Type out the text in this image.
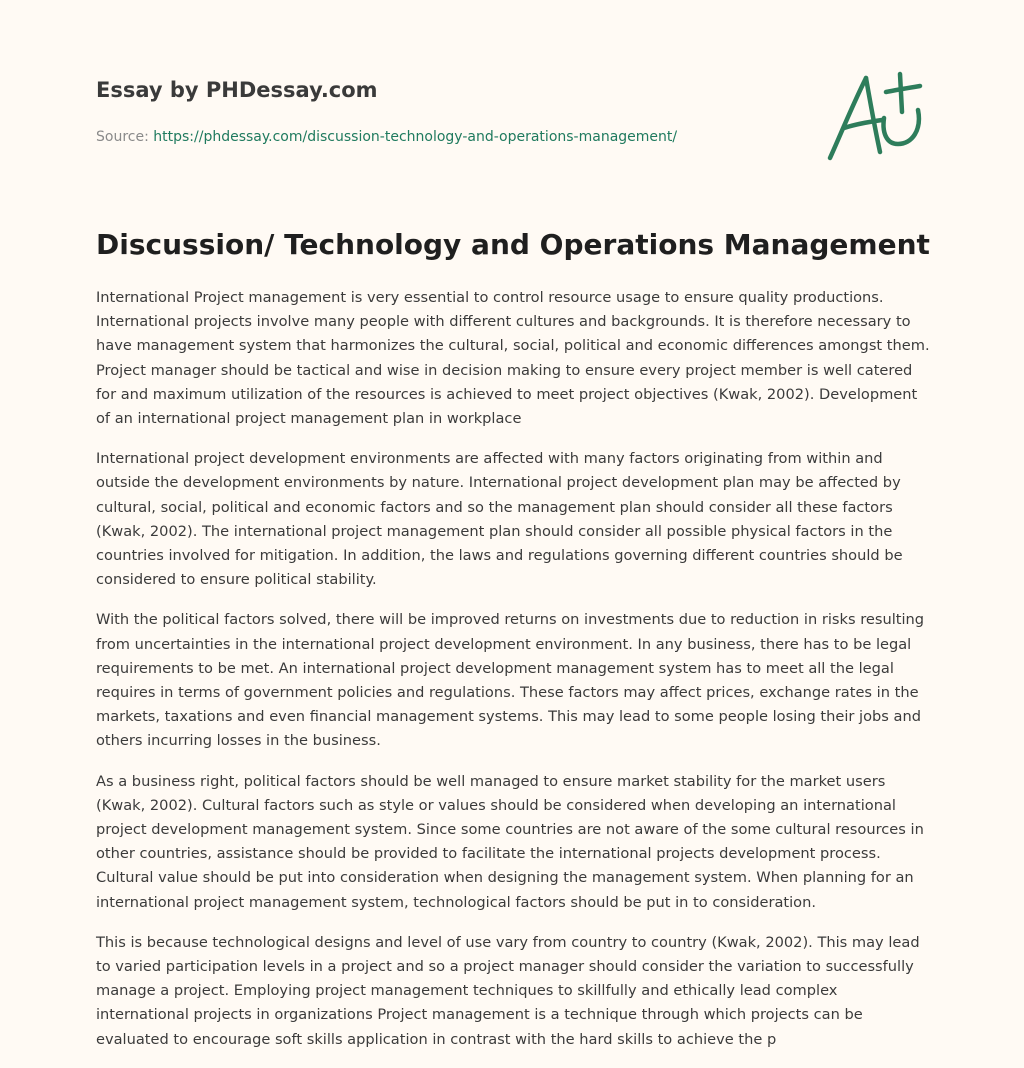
Essay by PHDessay.com
Source: https://phdessay.com/discussion-technology-and-operations-management/
Discussion/ Technology and Operations Management

International Project management is very essential to control resource usage to ensure quality productions. International projects involve many people with different cultures and backgrounds. It is therefore necessary to have management system that harmonizes the cultural, social, political and economic differences amongst them. Project manager should be tactical and wise in decision making to ensure every project member is well catered for and maximum utilization of the resources is achieved to meet project objectives (Kwak, 2002). Development of an international project management plan in workplace

International project development environments are affected with many factors originating from within and outside the development environments by nature. International project development plan may be affected by cultural, social, political and economic factors and so the management plan should consider all these factors (Kwak, 2002). The international project management plan should consider all possible physical factors in the countries involved for mitigation. In addition, the laws and regulations governing different countries should be considered to ensure political stability.

With the political factors solved, there will be improved returns on investments due to reduction in risks resulting from uncertainties in the international project development environment. In any business, there has to be legal requirements to be met. An international project development management system has to meet all the legal requires in terms of government policies and regulations. These factors may affect prices, exchange rates in the markets, taxations and even financial management systems. This may lead to some people losing their jobs and others incurring losses in the business.

As a business right, political factors should be well managed to ensure market stability for the market users (Kwak, 2002). Cultural factors such as style or values should be considered when developing an international project development management system. Since some countries are not aware of the some cultural resources in other countries, assistance should be provided to facilitate the international projects development process. Cultural value should be put into consideration when designing the management system. When planning for an international project management system, technological factors should be put in to consideration.

This is because technological designs and level of use vary from country to country (Kwak, 2002). This may lead to varied participation levels in a project and so a project manager should consider the variation to successfully manage a project. Employing project management techniques to skillfully and ethically lead complex international projects in organizations Project management is a technique through which projects can be evaluated to encourage soft skills application in contrast with the hard skills to achieve the p
